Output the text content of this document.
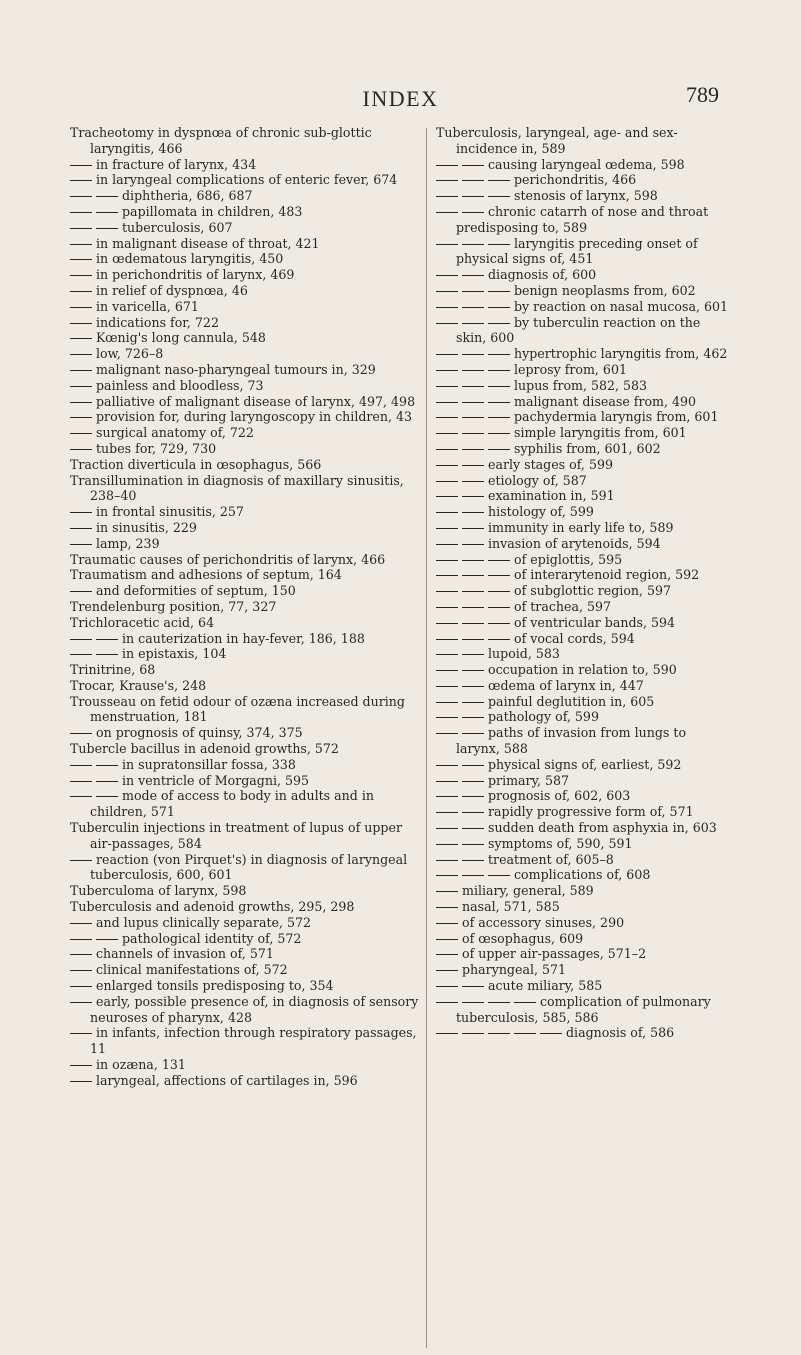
INDEX	789
Tracheotomy in dyspnœa of chronic sub-glottic laryngitis, 466
in fracture of larynx, 434
in laryngeal complications of enteric fever, 674
diphtheria, 686, 687
papillomata in children, 483
tuberculosis, 607
in malignant disease of throat, 421
in œdematous laryngitis, 450
in perichondritis of larynx, 469
in relief of dyspnœa, 46
in varicella, 671
indications for, 722
Kœnig's long cannula, 548
low, 726–8
malignant naso-pharyngeal tumours in, 329
painless and bloodless, 73
palliative of malignant disease of larynx, 497, 498
provision for, during laryngoscopy in children, 43
surgical anatomy of, 722
tubes for, 729, 730
Traction diverticula in œsophagus, 566
Transillumination in diagnosis of maxillary sinusitis, 238–40
in frontal sinusitis, 257
in sinusitis, 229
lamp, 239
Traumatic causes of perichondritis of larynx, 466
Traumatism and adhesions of septum, 164
and deformities of septum, 150
Trendelenburg position, 77, 327
Trichloracetic acid, 64
in cauterization in hay-fever, 186, 188
in epistaxis, 104
Trinitrine, 68
Trocar, Krause's, 248
Trousseau on fetid odour of ozæna increased during menstruation, 181
on prognosis of quinsy, 374, 375
Tubercle bacillus in adenoid growths, 572
in supratonsillar fossa, 338
in ventricle of Morgagni, 595
mode of access to body in adults and in children, 571
Tuberculin injections in treatment of lupus of upper air-passages, 584
reaction (von Pirquet's) in diagnosis of laryngeal tuberculosis, 600, 601
Tuberculoma of larynx, 598
Tuberculosis and adenoid growths, 295, 298
and lupus clinically separate, 572
pathological identity of, 572
channels of invasion of, 571
clinical manifestations of, 572
enlarged tonsils predisposing to, 354
early, possible presence of, in diagnosis of sensory neuroses of pharynx, 428
in infants, infection through respiratory passages, 11
in ozæna, 131
laryngeal, affections of cartilages in, 596
Tuberculosis, laryngeal, age- and sex-incidence in, 589
causing laryngeal œdema, 598
perichondritis, 466
stenosis of larynx, 598
chronic catarrh of nose and throat predisposing to, 589
laryngitis preceding onset of physical signs of, 451
diagnosis of, 600
benign neoplasms from, 602
by reaction on nasal mucosa, 601
by tuberculin reaction on the skin, 600
hypertrophic laryngitis from, 462
leprosy from, 601
lupus from, 582, 583
malignant disease from, 490
pachydermia laryngis from, 601
simple laryngitis from, 601
syphilis from, 601, 602
early stages of, 599
etiology of, 587
examination in, 591
histology of, 599
immunity in early life to, 589
invasion of arytenoids, 594
of epiglottis, 595
of interarytenoid region, 592
of subglottic region, 597
of trachea, 597
of ventricular bands, 594
of vocal cords, 594
lupoid, 583
occupation in relation to, 590
œdema of larynx in, 447
painful deglutition in, 605
pathology of, 599
paths of invasion from lungs to larynx, 588
physical signs of, earliest, 592
primary, 587
prognosis of, 602, 603
rapidly progressive form of, 571
sudden death from asphyxia in, 603
symptoms of, 590, 591
treatment of, 605–8
complications of, 608
miliary, general, 589
nasal, 571, 585
of accessory sinuses, 290
of œsophagus, 609
of upper air-passages, 571–2
pharyngeal, 571
acute miliary, 585
complication of pulmonary tuberculosis, 585, 586
diagnosis of, 586
